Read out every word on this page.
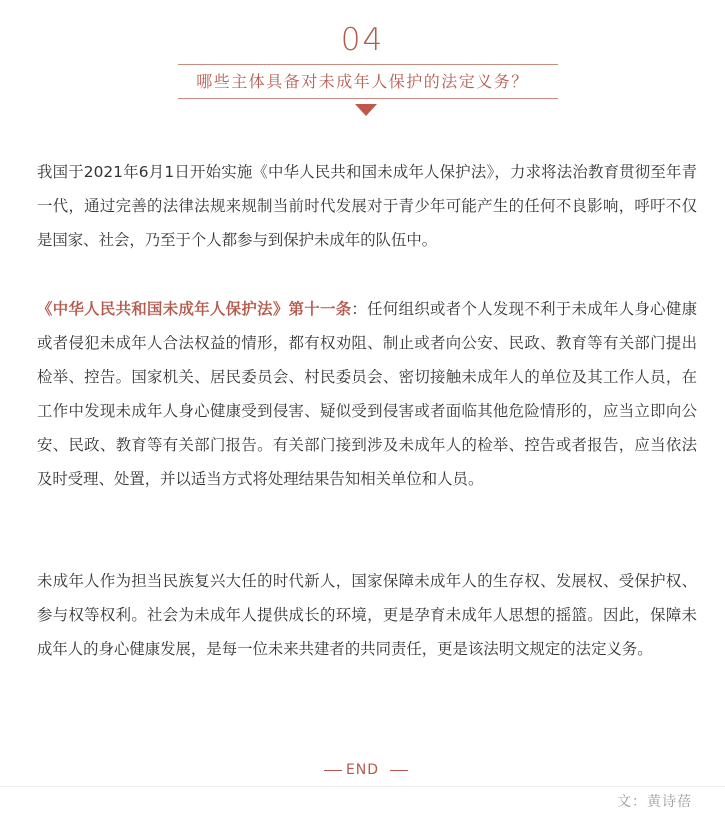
04
哪些主体具备对未成年人保护的法定义务？

我国于2021年6月1日开始实施《中华人民共和国未成年人保护法》，力求将法治教育贯彻至年青一代，通过完善的法律法规来规制当前时代发展对于青少年可能产生的任何不良影响，呼吁不仅是国家、社会，乃至于个人都参与到保护未成年的队伍中。

《中华人民共和国未成年人保护法》第十一条：任何组织或者个人发现不利于未成年人身心健康或者侵犯未成年人合法权益的情形，都有权劝阻、制止或者向公安、民政、教育等有关部门提出检举、控告。国家机关、居民委员会、村民委员会、密切接触未成年人的单位及其工作人员，在工作中发现未成年人身心健康受到侵害、疑似受到侵害或者面临其他危险情形的，应当立即向公安、民政、教育等有关部门报告。有关部门接到涉及未成年人的检举、控告或者报告，应当依法及时受理、处置，并以适当方式将处理结果告知相关单位和人员。

未成年人作为担当民族复兴大任的时代新人，国家保障未成年人的生存权、发展权、受保护权、参与权等权利。社会为未成年人提供成长的环境，更是孕育未成年人思想的摇篮。因此，保障未成年人的身心健康发展，是每一位未来共建者的共同责任，更是该法明文规定的法定义务。

END
文：黄诗蓓
